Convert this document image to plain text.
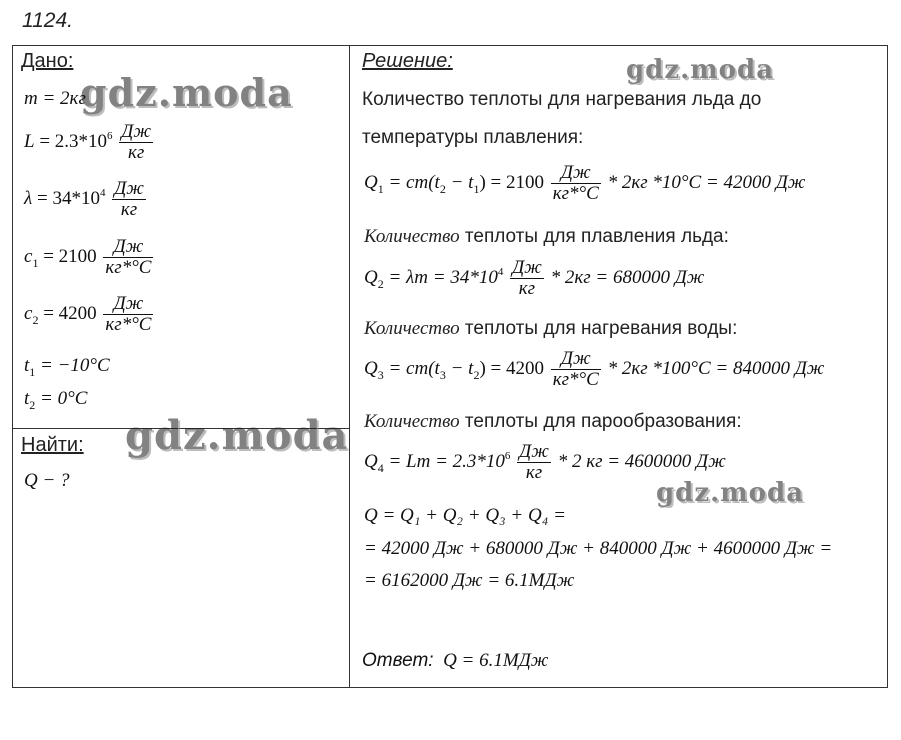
1124.
Дано:
m = 2кг
$L = 2.3*10^6 \frac{Дж}{кг}$
$\lambda = 34*10^4 \frac{Дж}{кг}$
$c_1 = 2100 \frac{Дж}{кг*^\circ C}$
$c_2 = 4200 \frac{Дж}{кг*^\circ C}$
$t_1 = -10^\circ C$
$t_2 = 0^\circ C$
Найти:
Q − ?
Решение:
Количество теплоты для нагревания льда до
температуры плавления:
$Q_1 = cm(t_2 - t_1) = 2100 \frac{Дж}{кг*^\circ C} * 2кг$ *10°C = 42000 Дж
Количество теплоты для плавления льда:
$Q_2 = \lambda m = 34*10^4 \frac{Дж}{кг} * 2кг = 680000$ Дж
Количество теплоты для нагревания воды:
$Q_3 = cm(t_3 - t_2) = 4200 \frac{Дж}{кг*^\circ C} * 2кг$ *100°C = 840000 Дж
Количество теплоты для парообразования:
$Q_4 = Lm = 2.3*10^6 \frac{Дж}{кг} * 2$ кг = 4600000 Дж
Q = Q₁ + Q₂ + Q₃ + Q₄ =
= 42000 Дж + 680000 Дж + 840000 Дж + 4600000 Дж =
= 6162000 Дж = 6.1МДж
Ответ: Q = 6.1МДж
gdz.moda
gdz.moda
gdz.moda
gdz.moda
